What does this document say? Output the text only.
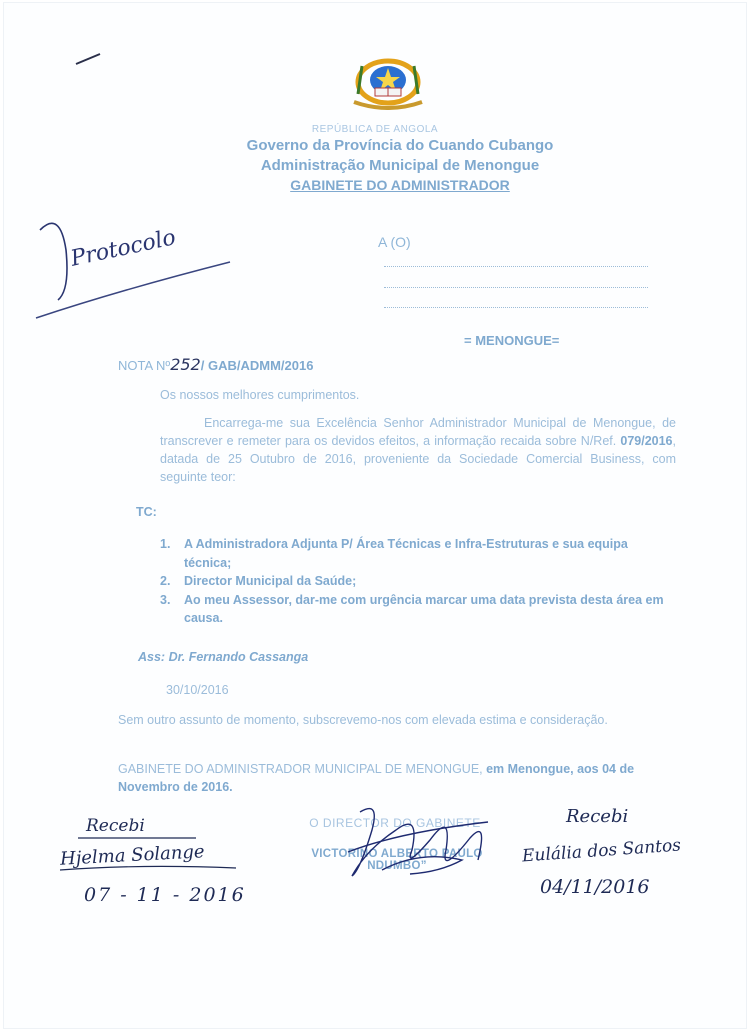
REPÚBLICA DE ANGOLA
Governo da Província do Cuando Cubango
Administração Municipal de Menongue
GABINETE DO ADMINISTRADOR
A (O)
= MENONGUE=
NOTA Nº252/ GAB/ADMM/2016
Os nossos melhores cumprimentos.
Encarrega-me sua Excelência Senhor Administrador Municipal de Menongue, de transcrever e remeter para os devidos efeitos, a informação recaida sobre N/Ref. 079/2016, datada de 25 Outubro de 2016, proveniente da Sociedade Comercial Business, com seguinte teor:
TC:
1. A Administradora Adjunta P/ Área Técnicas e Infra-Estruturas e sua equipa técnica;
2. Director Municipal da Saúde;
3. Ao meu Assessor, dar-me com urgência marcar uma data prevista desta área em causa.
Ass: Dr. Fernando Cassanga
30/10/2016
Sem outro assunto de momento, subscrevemo-nos com elevada estima e consideração.
GABINETE DO ADMINISTRADOR MUNICIPAL DE MENONGUE, em Menongue, aos 04 de Novembro de 2016.
O DIRECTOR DO GABINETE
VICTORINO ALBERTO PAULO NDUMBO”
Protocolo
Recebi
Hjelma Solange
07 - 11 - 2016
Recebi
Eulália dos Santos
04/11/2016
